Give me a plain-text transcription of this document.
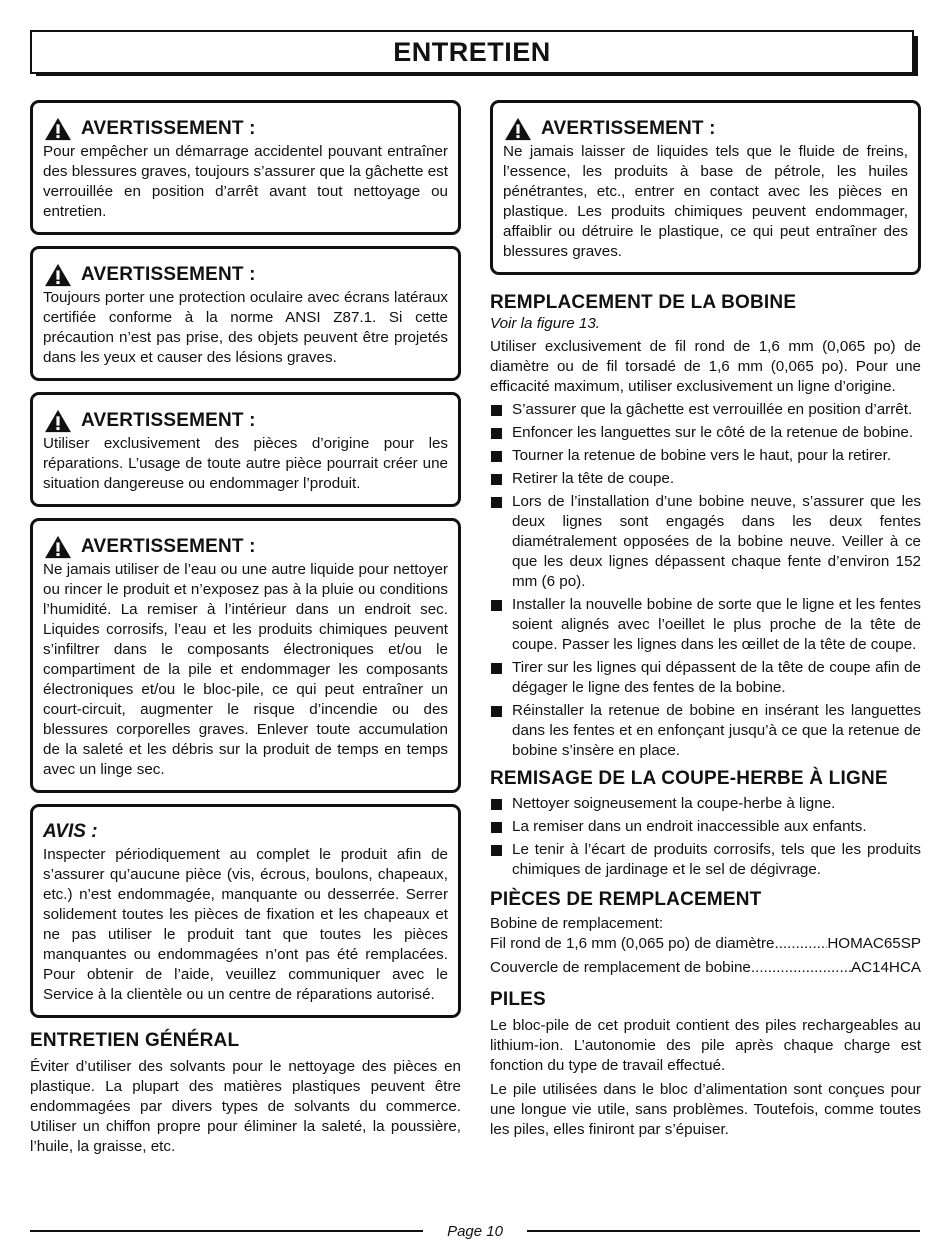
ENTRETIEN
AVERTISSEMENT :

Pour empêcher un démarrage accidentel pouvant entraîner des blessures graves, toujours s’assurer que la gâchette est verrouillée en position d’arrêt avant tout nettoyage ou entretien.

AVERTISSEMENT :

Toujours porter une protection oculaire avec écrans latéraux certifiée conforme à la norme ANSI Z87.1. Si cette précaution n’est pas prise, des objets peuvent être projetés dans les yeux et causer des lésions graves.

AVERTISSEMENT :

Utiliser exclusivement des pièces d’origine pour les réparations. L’usage de toute autre pièce pourrait créer une situation dangereuse ou endommager l’produit.

AVERTISSEMENT :

Ne jamais utiliser de l’eau ou une autre liquide pour nettoyer ou rincer le produit et n’exposez pas à la pluie ou conditions l’humidité. La remiser à l’intérieur dans un endroit sec. Liquides corrosifs, l’eau et les produits chimiques peuvent s’infiltrer dans le composants électroniques et/ou le compartiment de la pile et endommager les composants électroniques et/ou le bloc-pile, ce qui peut entraîner un court-circuit, augmenter le risque d’incendie ou des blessures corporelles graves. Enlever toute accumulation de la saleté et les débris sur la produit de temps en temps avec un linge sec.

AVIS :

Inspecter périodiquement au complet le produit afin de s’assurer qu’aucune pièce (vis, écrous, boulons, chapeaux, etc.) n’est endommagée, manquante ou desserrée. Serrer solidement toutes les pièces de fixation et les chapeaux et ne pas utiliser le produit tant que toutes les pièces manquantes ou endommagées n’ont pas été remplacées. Pour obtenir de l’aide, veuillez communiquer avec le Service à la clientèle ou un centre de réparations autorisé.

ENTRETIEN GÉNÉRAL

Éviter d’utiliser des solvants pour le nettoyage des pièces en plastique. La plupart des matières plastiques peuvent être endommagées par divers types de solvants du commerce. Utiliser un chiffon propre pour éliminer la saleté, la poussière, l’huile, la graisse, etc.

AVERTISSEMENT :

Ne jamais laisser de liquides tels que le fluide de freins, l’essence, les produits à base de pétrole, les huiles pénétrantes, etc., entrer en contact avec les pièces en plastique. Les produits chimiques peuvent endommager, affaiblir ou détruire le plastique, ce qui peut entraîner des blessures graves.

REMPLACEMENT DE LA BOBINE

Voir la figure 13.

Utiliser exclusivement de fil rond de 1,6 mm (0,065 po) de diamètre ou de fil torsadé de 1,6 mm (0,065 po). Pour une efficacité maximum, utiliser exclusivement un ligne d’origine.

S’assurer que la gâchette est verrouillée en position d’arrêt.
Enfoncer les languettes sur le côté de la retenue de bobine.
Tourner la retenue de bobine vers le haut, pour la retirer.
Retirer la tête de coupe.
Lors de l’installation d’une bobine neuve, s’assurer que les deux lignes sont engagés dans les deux fentes diamétralement opposées de la bobine neuve. Veiller à ce que les deux lignes dépassent chaque fente d’environ 152 mm (6 po).
Installer la nouvelle bobine de sorte que le ligne et les fentes soient alignés avec l’oeillet le plus proche de la tête de coupe. Passer les lignes dans les œillet de la tête de coupe.
Tirer sur les lignes qui dépassent de la tête de coupe afin de dégager le ligne des fentes de la bobine.
Réinstaller la retenue de bobine en insérant les languettes dans les fentes et en enfonçant jusqu’à ce que la retenue de bobine s’insère en place.
REMISAGE DE LA COUPE-HERBE À LIGNE
Nettoyer soigneusement la coupe-herbe à ligne.
La remiser dans un endroit inaccessible aux enfants.
Le tenir à l’écart de produits corrosifs, tels que les produits chimiques de jardinage et le sel de dégivrage.
PIÈCES DE REMPLACEMENT

Bobine de remplacement:

Fil rond de 1,6 mm (0,065 po) de diamètre .....	HOMAC65SP
Couvercle de remplacement de bobine .....	AC14HCA
PILES

Le bloc-pile de cet produit contient des piles rechargeables au lithium-ion. L’autonomie des pile après chaque charge est fonction du type de travail effectué.

Le pile utilisées dans le bloc d’alimentation sont conçues pour une longue vie utile, sans problèmes. Toutefois, comme toutes les piles, elles finiront par s’épuiser.

Page 10
